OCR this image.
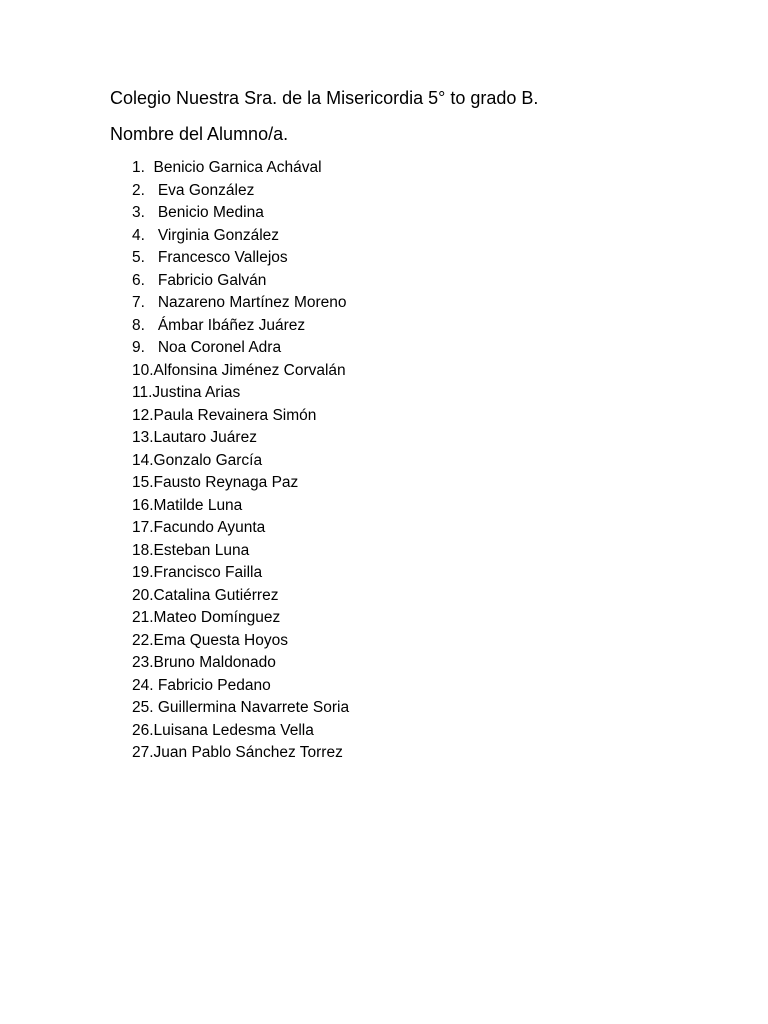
Colegio Nuestra Sra. de la Misericordia 5° to grado B.
Nombre del Alumno/a.
1.  Benicio Garnica Achával
2.   Eva González
3.   Benicio Medina
4.   Virginia González
5.   Francesco Vallejos
6.   Fabricio Galván
7.   Nazareno Martínez Moreno
8.   Ámbar Ibáñez Juárez
9.   Noa Coronel Adra
10.Alfonsina Jiménez Corvalán
11.Justina Arias
12.Paula Revainera Simón
13.Lautaro Juárez
14.Gonzalo García
15.Fausto Reynaga Paz
16.Matilde Luna
17.Facundo Ayunta
18.Esteban Luna
19.Francisco Failla
20.Catalina Gutiérrez
21.Mateo Domínguez
22.Ema Questa Hoyos
23.Bruno Maldonado
24. Fabricio Pedano
25. Guillermina Navarrete Soria
26.Luisana Ledesma Vella
27.Juan Pablo Sánchez Torrez
